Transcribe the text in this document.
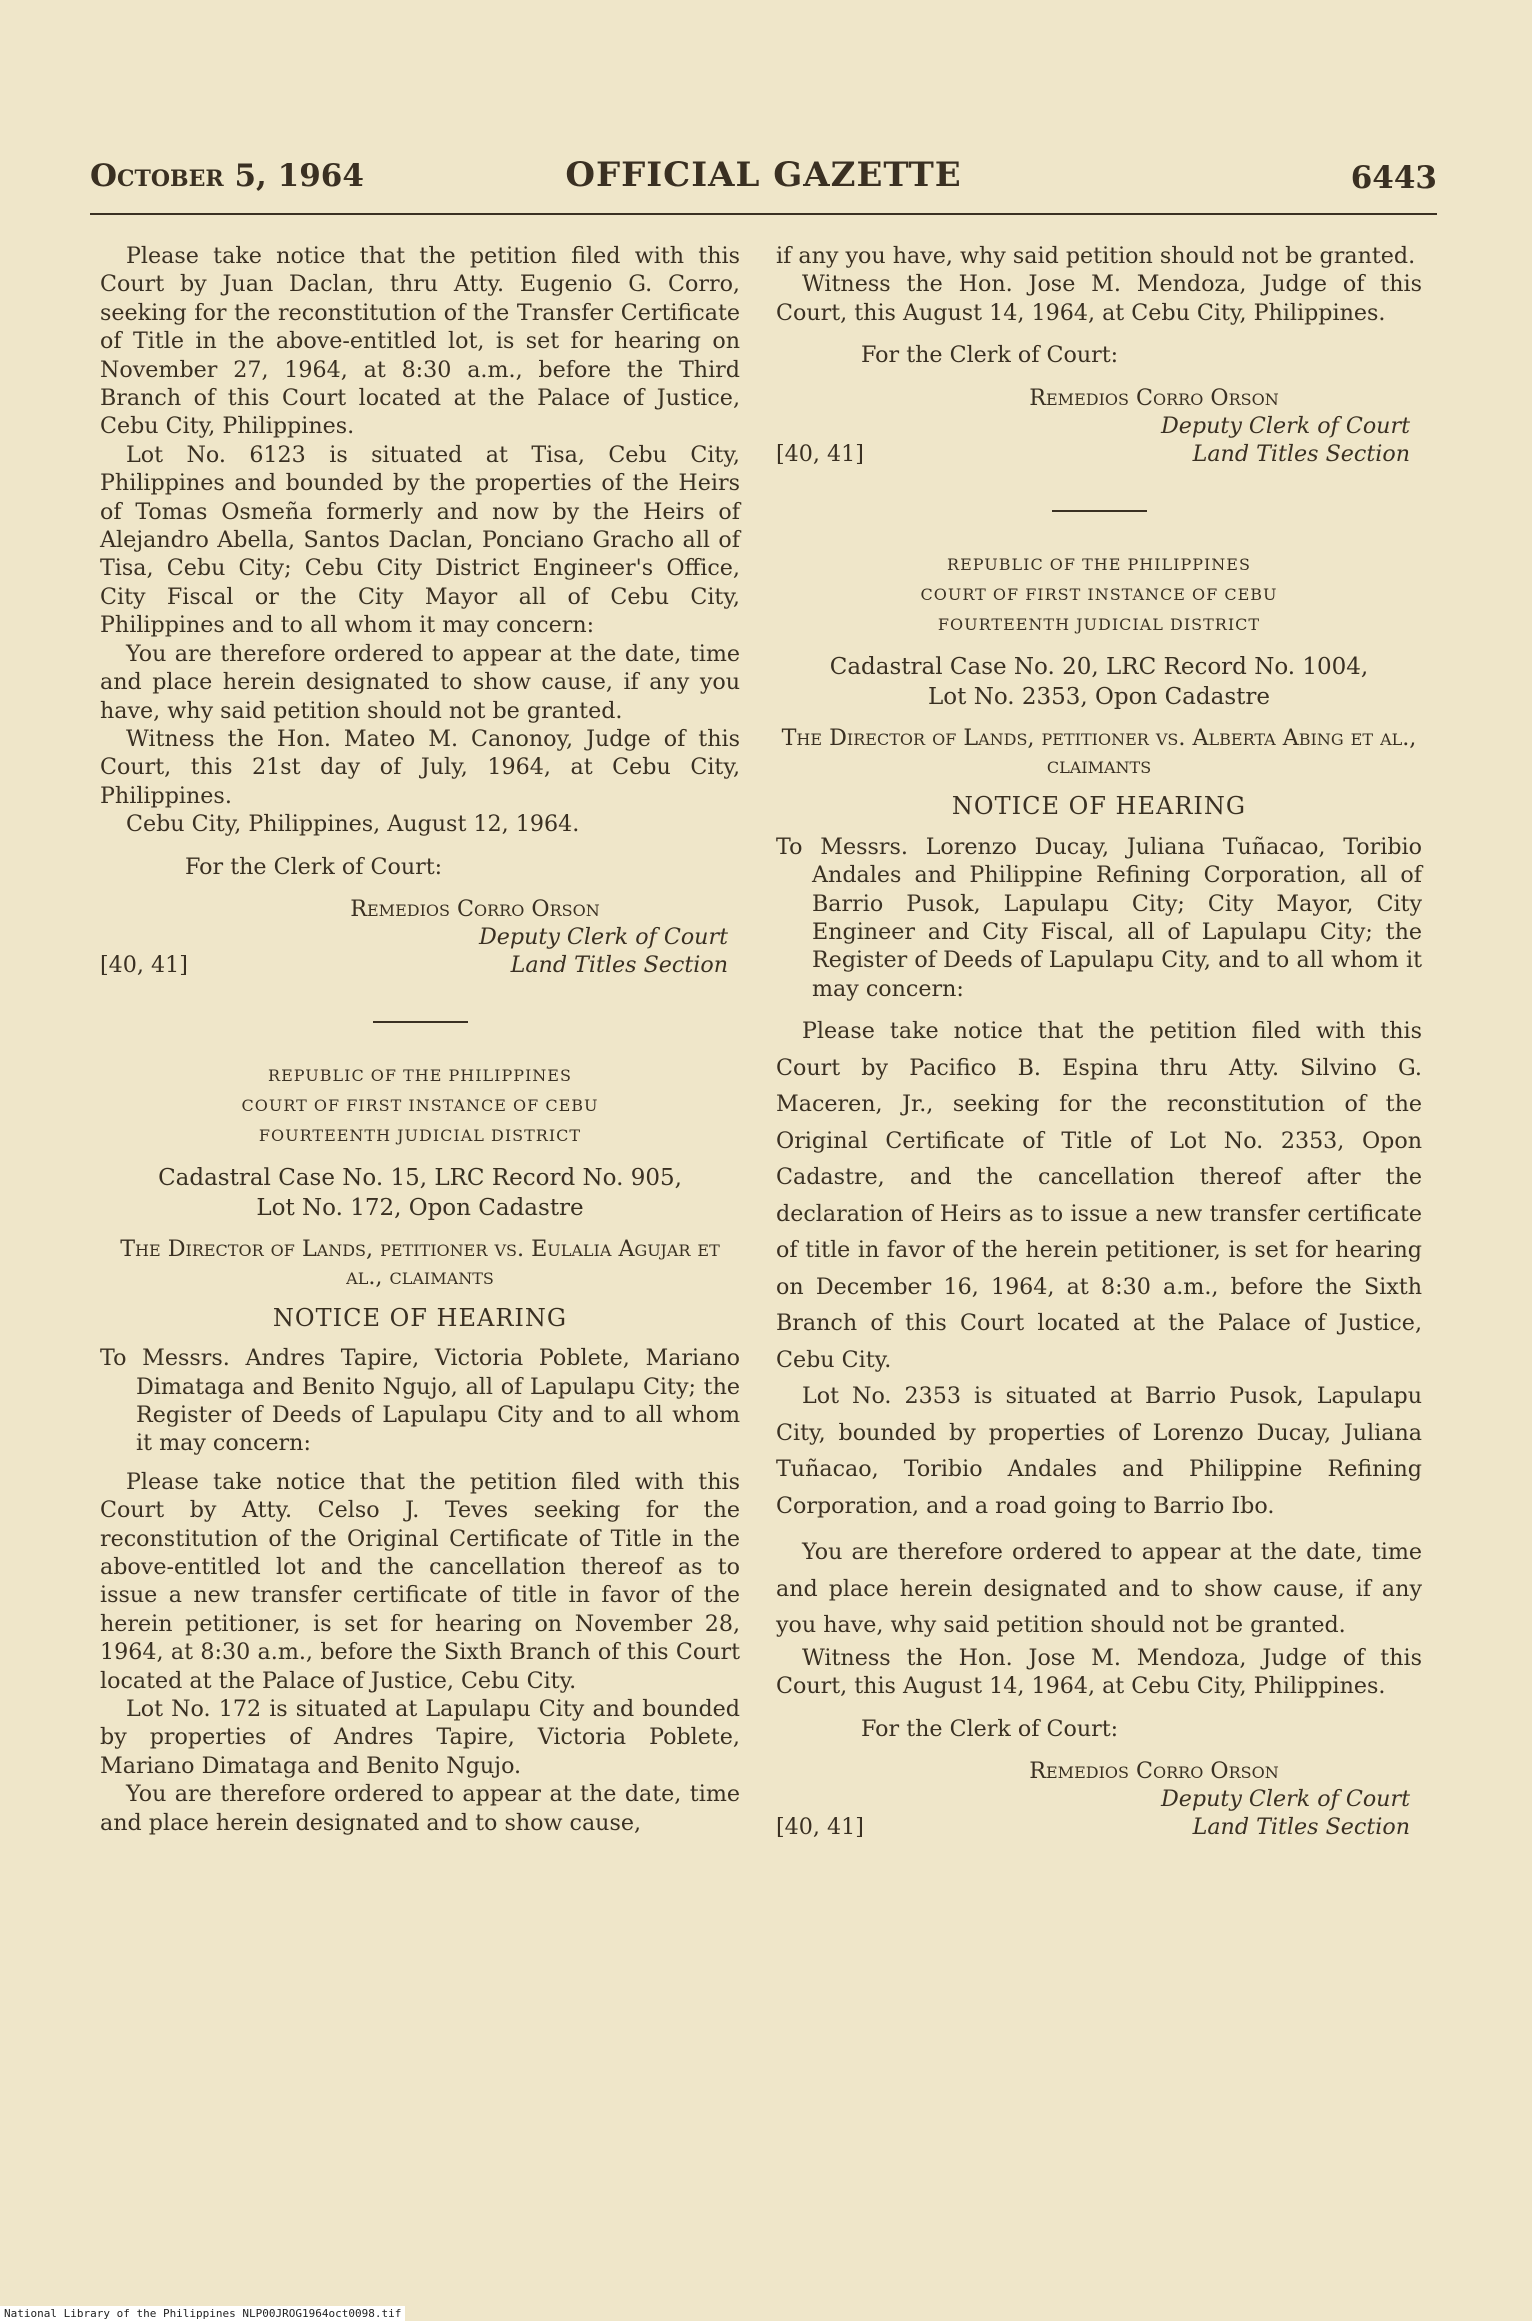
October 5, 1964	OFFICIAL GAZETTE	6443

Please take notice that the petition filed with this Court by Juan Daclan, thru Atty. Eugenio G. Corro, seeking for the reconstitution of the Transfer Certificate of Title in the above-entitled lot, is set for hearing on November 27, 1964, at 8:30 a.m., before the Third Branch of this Court located at the Palace of Justice, Cebu City, Philippines.

Lot No. 6123 is situated at Tisa, Cebu City, Philippines and bounded by the properties of the Heirs of Tomas Osmeña formerly and now by the Heirs of Alejandro Abella, Santos Daclan, Ponciano Gracho all of Tisa, Cebu City; Cebu City District Engineer's Office, City Fiscal or the City Mayor all of Cebu City, Philippines and to all whom it may concern:

You are therefore ordered to appear at the date, time and place herein designated to show cause, if any you have, why said petition should not be granted.

Witness the Hon. Mateo M. Canonoy, Judge of this Court, this 21st day of July, 1964, at Cebu City, Philippines.

Cebu City, Philippines, August 12, 1964.

For the Clerk of Court:

Remedios Corro Orson
Deputy Clerk of Court
[40, 41]	Land Titles Section
REPUBLIC OF THE PHILIPPINES
COURT OF FIRST INSTANCE OF CEBU
FOURTEENTH JUDICIAL DISTRICT
Cadastral Case No. 15, LRC Record No. 905,
Lot No. 172, Opon Cadastre

The Director of Lands, petitioner vs. Eulalia Agujar et al., claimants

NOTICE OF HEARING

To Messrs. Andres Tapire, Victoria Poblete, Mariano Dimataga and Benito Ngujo, all of Lapulapu City; the Register of Deeds of Lapulapu City and to all whom it may concern:

Please take notice that the petition filed with this Court by Atty. Celso J. Teves seeking for the reconstitution of the Original Certificate of Title in the above-entitled lot and the cancellation thereof as to issue a new transfer certificate of title in favor of the herein petitioner, is set for hearing on November 28, 1964, at 8:30 a.m., before the Sixth Branch of this Court located at the Palace of Justice, Cebu City.

Lot No. 172 is situated at Lapulapu City and bounded by properties of Andres Tapire, Victoria Poblete, Mariano Dimataga and Benito Ngujo.

You are therefore ordered to appear at the date, time and place herein designated and to show cause,

if any you have, why said petition should not be granted.

Witness the Hon. Jose M. Mendoza, Judge of this Court, this August 14, 1964, at Cebu City, Philippines.

For the Clerk of Court:

Remedios Corro Orson
Deputy Clerk of Court
[40, 41]	Land Titles Section
REPUBLIC OF THE PHILIPPINES
COURT OF FIRST INSTANCE OF CEBU
FOURTEENTH JUDICIAL DISTRICT
Cadastral Case No. 20, LRC Record No. 1004,
Lot No. 2353, Opon Cadastre

The Director of Lands, petitioner vs. Alberta Abing et al., claimants

NOTICE OF HEARING

To Messrs. Lorenzo Ducay, Juliana Tuñacao, Toribio Andales and Philippine Refining Corporation, all of Barrio Pusok, Lapulapu City; City Mayor, City Engineer and City Fiscal, all of Lapulapu City; the Register of Deeds of Lapulapu City, and to all whom it may concern:

Please take notice that the petition filed with this Court by Pacifico B. Espina thru Atty. Silvino G. Maceren, Jr., seeking for the reconstitution of the Original Certificate of Title of Lot No. 2353, Opon Cadastre, and the cancellation thereof after the declaration of Heirs as to issue a new transfer certificate of title in favor of the herein petitioner, is set for hearing on December 16, 1964, at 8:30 a.m., before the Sixth Branch of this Court located at the Palace of Justice, Cebu City.

Lot No. 2353 is situated at Barrio Pusok, Lapulapu City, bounded by properties of Lorenzo Ducay, Juliana Tuñacao, Toribio Andales and Philippine Refining Corporation, and a road going to Barrio Ibo.

You are therefore ordered to appear at the date, time and place herein designated and to show cause, if any you have, why said petition should not be granted.

Witness the Hon. Jose M. Mendoza, Judge of this Court, this August 14, 1964, at Cebu City, Philippines.

For the Clerk of Court:

Remedios Corro Orson
Deputy Clerk of Court
[40, 41]	Land Titles Section
National Library of the Philippines NLP00JROG1964oct0098.tif
